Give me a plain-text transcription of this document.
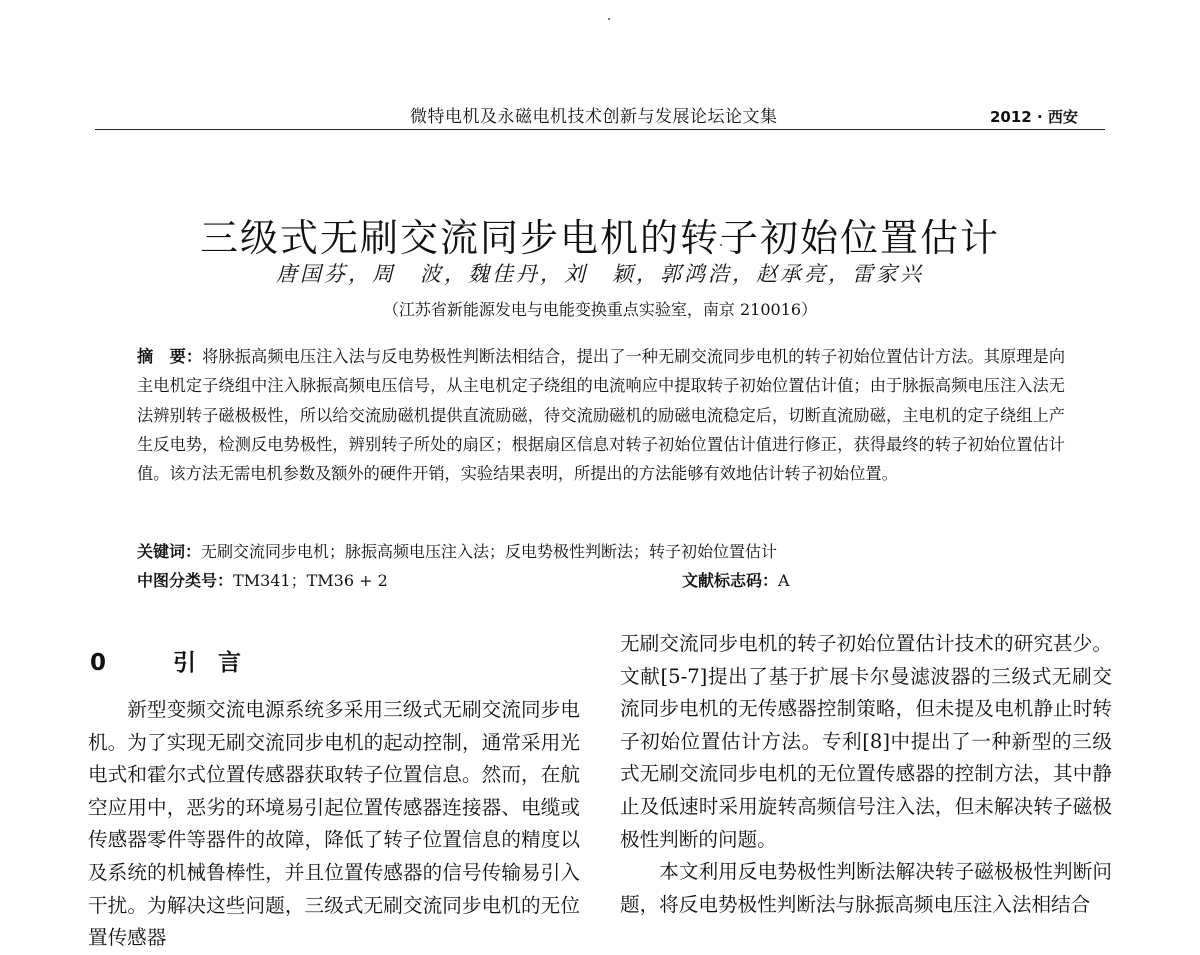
微特电机及永磁电机技术创新与发展论坛论文集	2012 · 西安
三级式无刷交流同步电机的转子初始位置估计
唐国芬，周　波，魏佳丹，刘　颖，郭鸿浩，赵承亮，雷家兴
（江苏省新能源发电与电能变换重点实验室，南京 210016）
摘　要：将脉振高频电压注入法与反电势极性判断法相结合，提出了一种无刷交流同步电机的转子初始位置估计方法。其原理是向主电机定子绕组中注入脉振高频电压信号，从主电机定子绕组的电流响应中提取转子初始位置估计值；由于脉振高频电压注入法无法辨别转子磁极极性，所以给交流励磁机提供直流励磁，待交流励磁机的励磁电流稳定后，切断直流励磁，主电机的定子绕组上产生反电势，检测反电势极性，辨别转子所处的扇区；根据扇区信息对转子初始位置估计值进行修正，获得最终的转子初始位置估计值。该方法无需电机参数及额外的硬件开销，实验结果表明，所提出的方法能够有效地估计转子初始位置。
关键词：无刷交流同步电机；脉振高频电压注入法；反电势极性判断法；转子初始位置估计
中图分类号：TM341；TM36 + 2	文献标志码：A
0　引言

新型变频交流电源系统多采用三级式无刷交流同步电机。为了实现无刷交流同步电机的起动控制，通常采用光电式和霍尔式位置传感器获取转子位置信息。然而，在航空应用中，恶劣的环境易引起位置传感器连接器、电缆或传感器零件等器件的故障，降低了转子位置信息的精度以及系统的机械鲁棒性，并且位置传感器的信号传输易引入干扰。为解决这些问题，三级式无刷交流同步电机的无位置传感器

无刷交流同步电机的转子初始位置估计技术的研究甚少。文献[5-7]提出了基于扩展卡尔曼滤波器的三级式无刷交流同步电机的无传感器控制策略，但未提及电机静止时转子初始位置估计方法。专利[8]中提出了一种新型的三级式无刷交流同步电机的无位置传感器的控制方法，其中静止及低速时采用旋转高频信号注入法，但未解决转子磁极极性判断的问题。

本文利用反电势极性判断法解决转子磁极极性判断问题，将反电势极性判断法与脉振高频电压注入法相结合
